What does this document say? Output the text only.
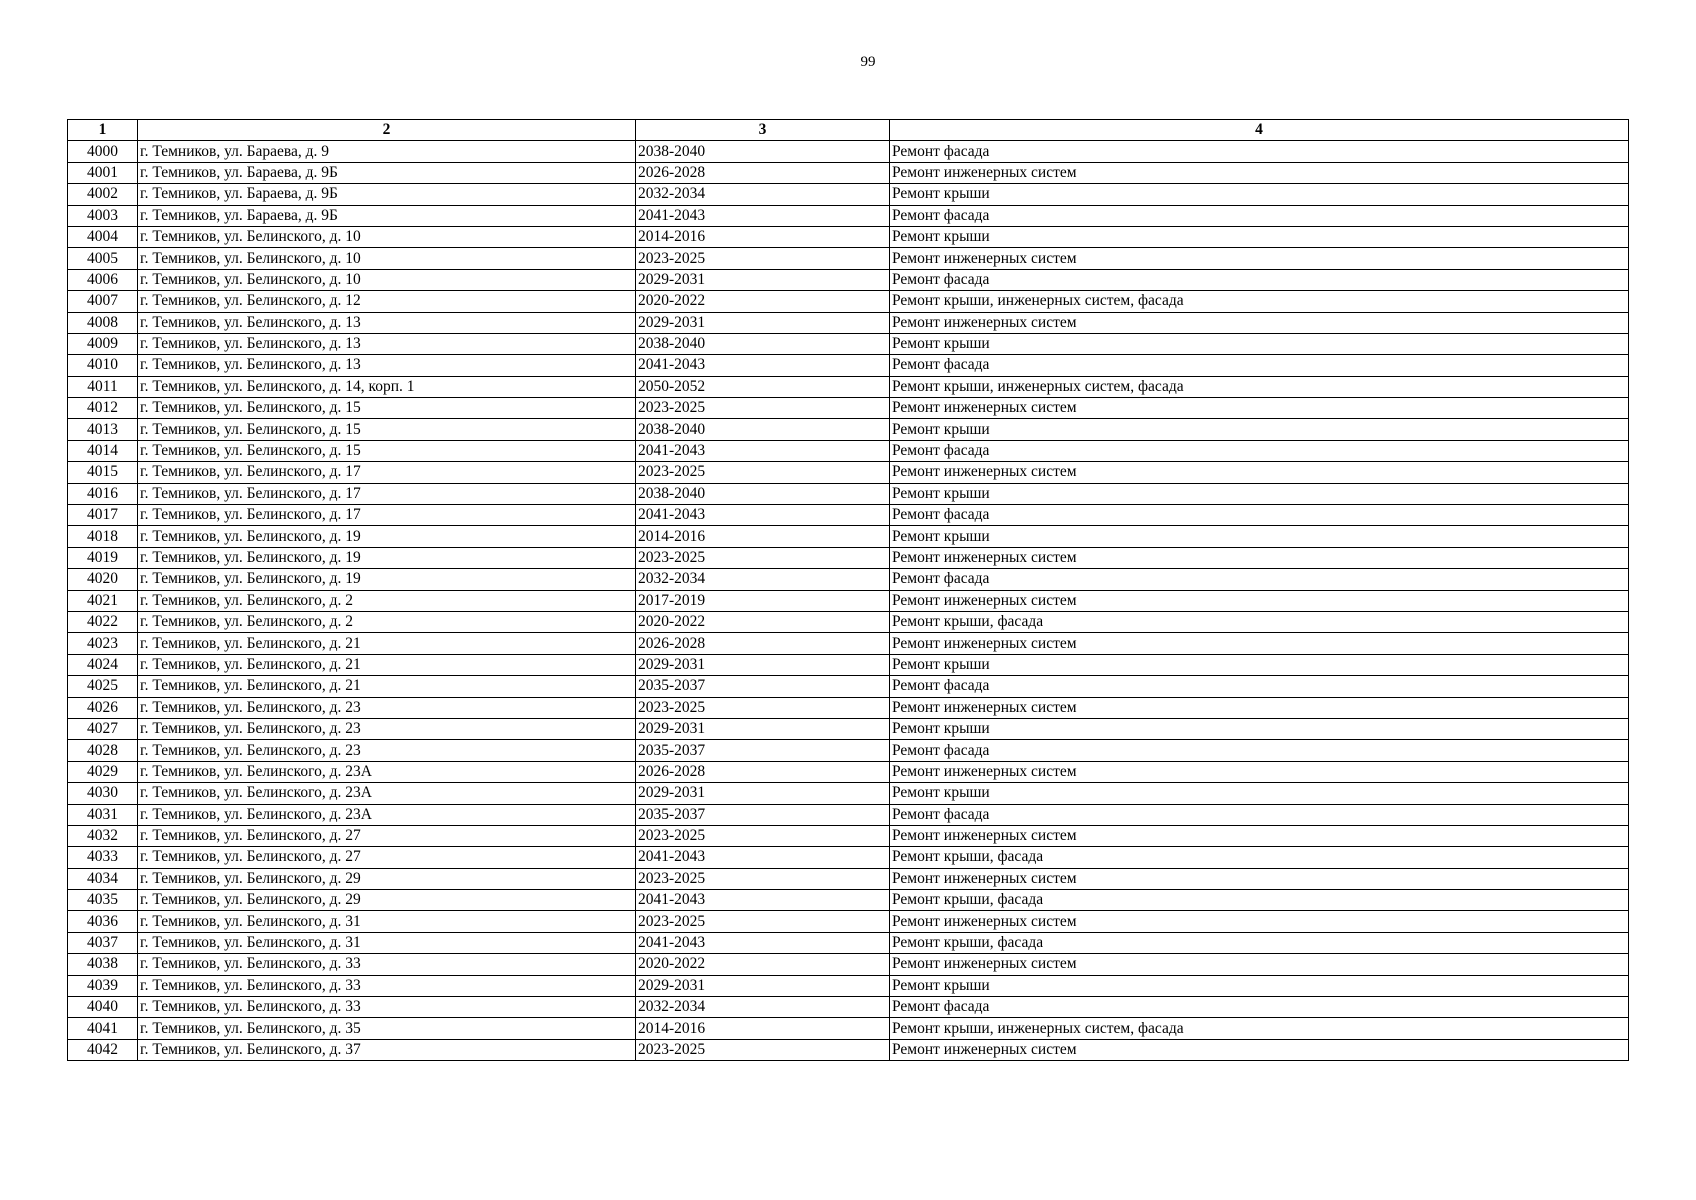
99
1	2	3	4
4000	г. Темников, ул. Бараева, д. 9	2038-2040	Ремонт фасада
4001	г. Темников, ул. Бараева, д. 9Б	2026-2028	Ремонт инженерных систем
4002	г. Темников, ул. Бараева, д. 9Б	2032-2034	Ремонт крыши
4003	г. Темников, ул. Бараева, д. 9Б	2041-2043	Ремонт фасада
4004	г. Темников, ул. Белинского, д. 10	2014-2016	Ремонт крыши
4005	г. Темников, ул. Белинского, д. 10	2023-2025	Ремонт инженерных систем
4006	г. Темников, ул. Белинского, д. 10	2029-2031	Ремонт фасада
4007	г. Темников, ул. Белинского, д. 12	2020-2022	Ремонт крыши, инженерных систем, фасада
4008	г. Темников, ул. Белинского, д. 13	2029-2031	Ремонт инженерных систем
4009	г. Темников, ул. Белинского, д. 13	2038-2040	Ремонт крыши
4010	г. Темников, ул. Белинского, д. 13	2041-2043	Ремонт фасада
4011	г. Темников, ул. Белинского, д. 14, корп. 1	2050-2052	Ремонт крыши, инженерных систем, фасада
4012	г. Темников, ул. Белинского, д. 15	2023-2025	Ремонт инженерных систем
4013	г. Темников, ул. Белинского, д. 15	2038-2040	Ремонт крыши
4014	г. Темников, ул. Белинского, д. 15	2041-2043	Ремонт фасада
4015	г. Темников, ул. Белинского, д. 17	2023-2025	Ремонт инженерных систем
4016	г. Темников, ул. Белинского, д. 17	2038-2040	Ремонт крыши
4017	г. Темников, ул. Белинского, д. 17	2041-2043	Ремонт фасада
4018	г. Темников, ул. Белинского, д. 19	2014-2016	Ремонт крыши
4019	г. Темников, ул. Белинского, д. 19	2023-2025	Ремонт инженерных систем
4020	г. Темников, ул. Белинского, д. 19	2032-2034	Ремонт фасада
4021	г. Темников, ул. Белинского, д. 2	2017-2019	Ремонт инженерных систем
4022	г. Темников, ул. Белинского, д. 2	2020-2022	Ремонт крыши, фасада
4023	г. Темников, ул. Белинского, д. 21	2026-2028	Ремонт инженерных систем
4024	г. Темников, ул. Белинского, д. 21	2029-2031	Ремонт крыши
4025	г. Темников, ул. Белинского, д. 21	2035-2037	Ремонт фасада
4026	г. Темников, ул. Белинского, д. 23	2023-2025	Ремонт инженерных систем
4027	г. Темников, ул. Белинского, д. 23	2029-2031	Ремонт крыши
4028	г. Темников, ул. Белинского, д. 23	2035-2037	Ремонт фасада
4029	г. Темников, ул. Белинского, д. 23А	2026-2028	Ремонт инженерных систем
4030	г. Темников, ул. Белинского, д. 23А	2029-2031	Ремонт крыши
4031	г. Темников, ул. Белинского, д. 23А	2035-2037	Ремонт фасада
4032	г. Темников, ул. Белинского, д. 27	2023-2025	Ремонт инженерных систем
4033	г. Темников, ул. Белинского, д. 27	2041-2043	Ремонт крыши, фасада
4034	г. Темников, ул. Белинского, д. 29	2023-2025	Ремонт инженерных систем
4035	г. Темников, ул. Белинского, д. 29	2041-2043	Ремонт крыши, фасада
4036	г. Темников, ул. Белинского, д. 31	2023-2025	Ремонт инженерных систем
4037	г. Темников, ул. Белинского, д. 31	2041-2043	Ремонт крыши, фасада
4038	г. Темников, ул. Белинского, д. 33	2020-2022	Ремонт инженерных систем
4039	г. Темников, ул. Белинского, д. 33	2029-2031	Ремонт крыши
4040	г. Темников, ул. Белинского, д. 33	2032-2034	Ремонт фасада
4041	г. Темников, ул. Белинского, д. 35	2014-2016	Ремонт крыши, инженерных систем, фасада
4042	г. Темников, ул. Белинского, д. 37	2023-2025	Ремонт инженерных систем
